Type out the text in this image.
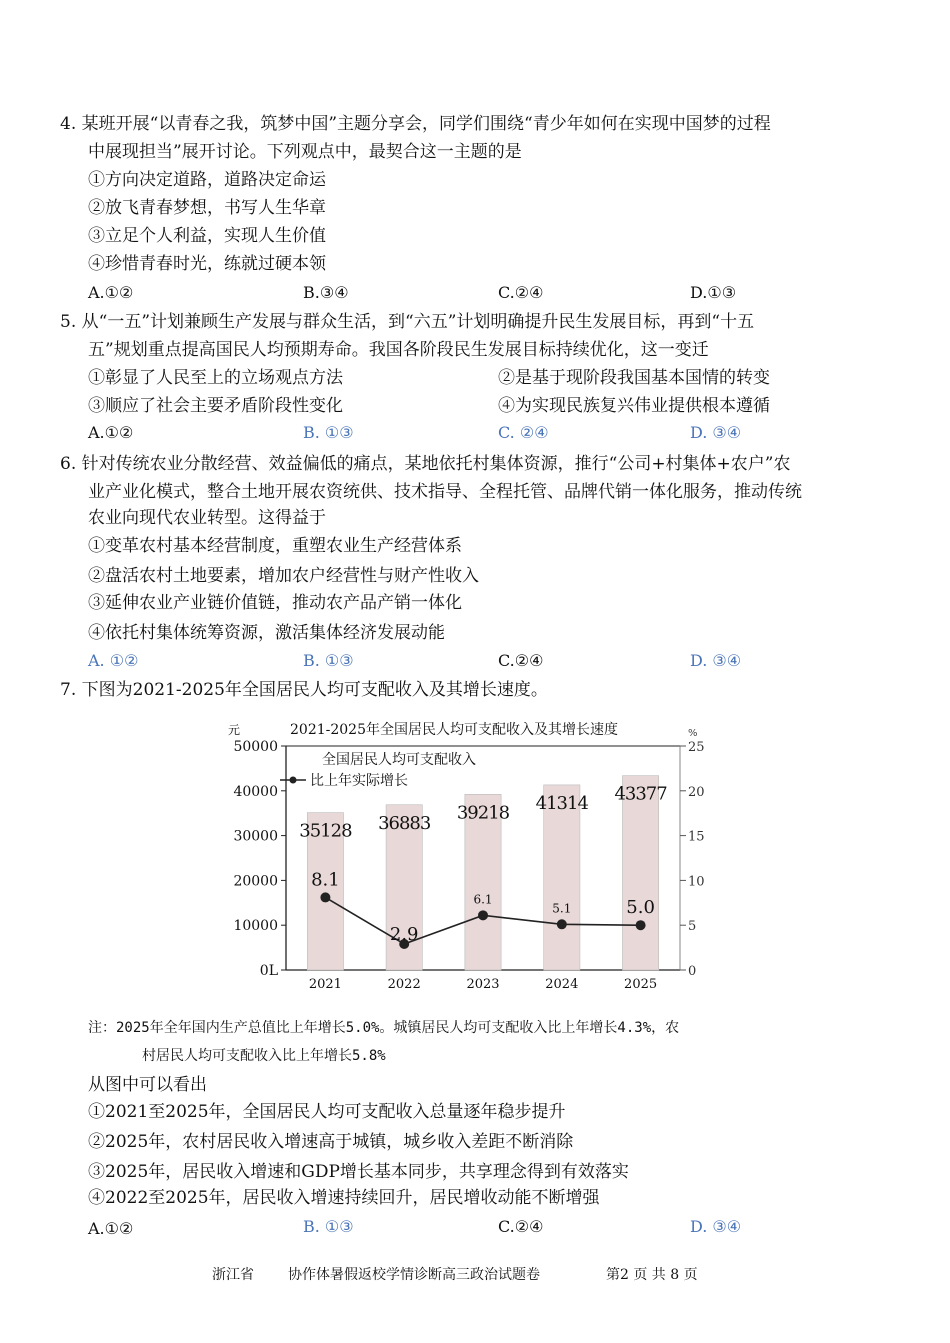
4. 某班开展“以青春之我，筑梦中国”主题分享会，同学们围绕“青少年如何在实现中国梦的过程
中展现担当”展开讨论。下列观点中，最契合这一主题的是
①方向决定道路，道路决定命运
②放飞青春梦想，书写人生华章
③立足个人利益，实现人生价值
④珍惜青春时光，练就过硬本领
A.①②	B.③④	C.②④	D.①③
5. 从“一五”计划兼顾生产发展与群众生活，到“六五”计划明确提升民生发展目标，再到“十五
五”规划重点提高国民人均预期寿命。我国各阶段民生发展目标持续优化，这一变迁
①彰显了人民至上的立场观点方法	②是基于现阶段我国基本国情的转变
③顺应了社会主要矛盾阶段性变化	④为实现民族复兴伟业提供根本遵循
A.①②	B. ①③	C. ②④	D. ③④
6. 针对传统农业分散经营、效益偏低的痛点，某地依托村集体资源，推行“公司+村集体+农户”农
业产业化模式，整合土地开展农资统供、技术指导、全程托管、品牌代销一体化服务，推动传统
农业向现代农业转型。这得益于
①变革农村基本经营制度，重塑农业生产经营体系
②盘活农村土地要素，增加农户经营性与财产性收入
③延伸农业产业链价值链，推动农产品产销一体化
④依托村集体统筹资源，激活集体经济发展动能
A. ①②	B. ①③	C.②④	D. ③④
7. 下图为2021-2025年全国居民人均可支配收入及其增长速度。
2021-2025年全国居民人均可支配收入及其增长速度
元	%
0L
10000
20000
30000
40000
50000
0
5
10
15
20
25
35128 36883 39218 41314 43377
2021	2022	2023	2024	2025
8.1
2.9
6.1
5.1	5.0
全国居民人均可支配收入
比上年实际增长
注：2025年全年国内生产总值比上年增长5.0%。城镇居民人均可支配收入比上年增长4.3%，农
村居民人均可支配收入比上年增长5.8%
从图中可以看出
①2021至2025年，全国居民人均可支配收入总量逐年稳步提升
②2025年，农村居民收入增速高于城镇，城乡收入差距不断消除
③2025年，居民收入增速和GDP增长基本同步，共享理念得到有效落实
④2022至2025年，居民收入增速持续回升，居民增收动能不断增强
A.①②	B. ①③	C.②④	D. ③④
浙江省 协作体暑假返校学情诊断高三政治试题卷	第2 页 共 8 页
